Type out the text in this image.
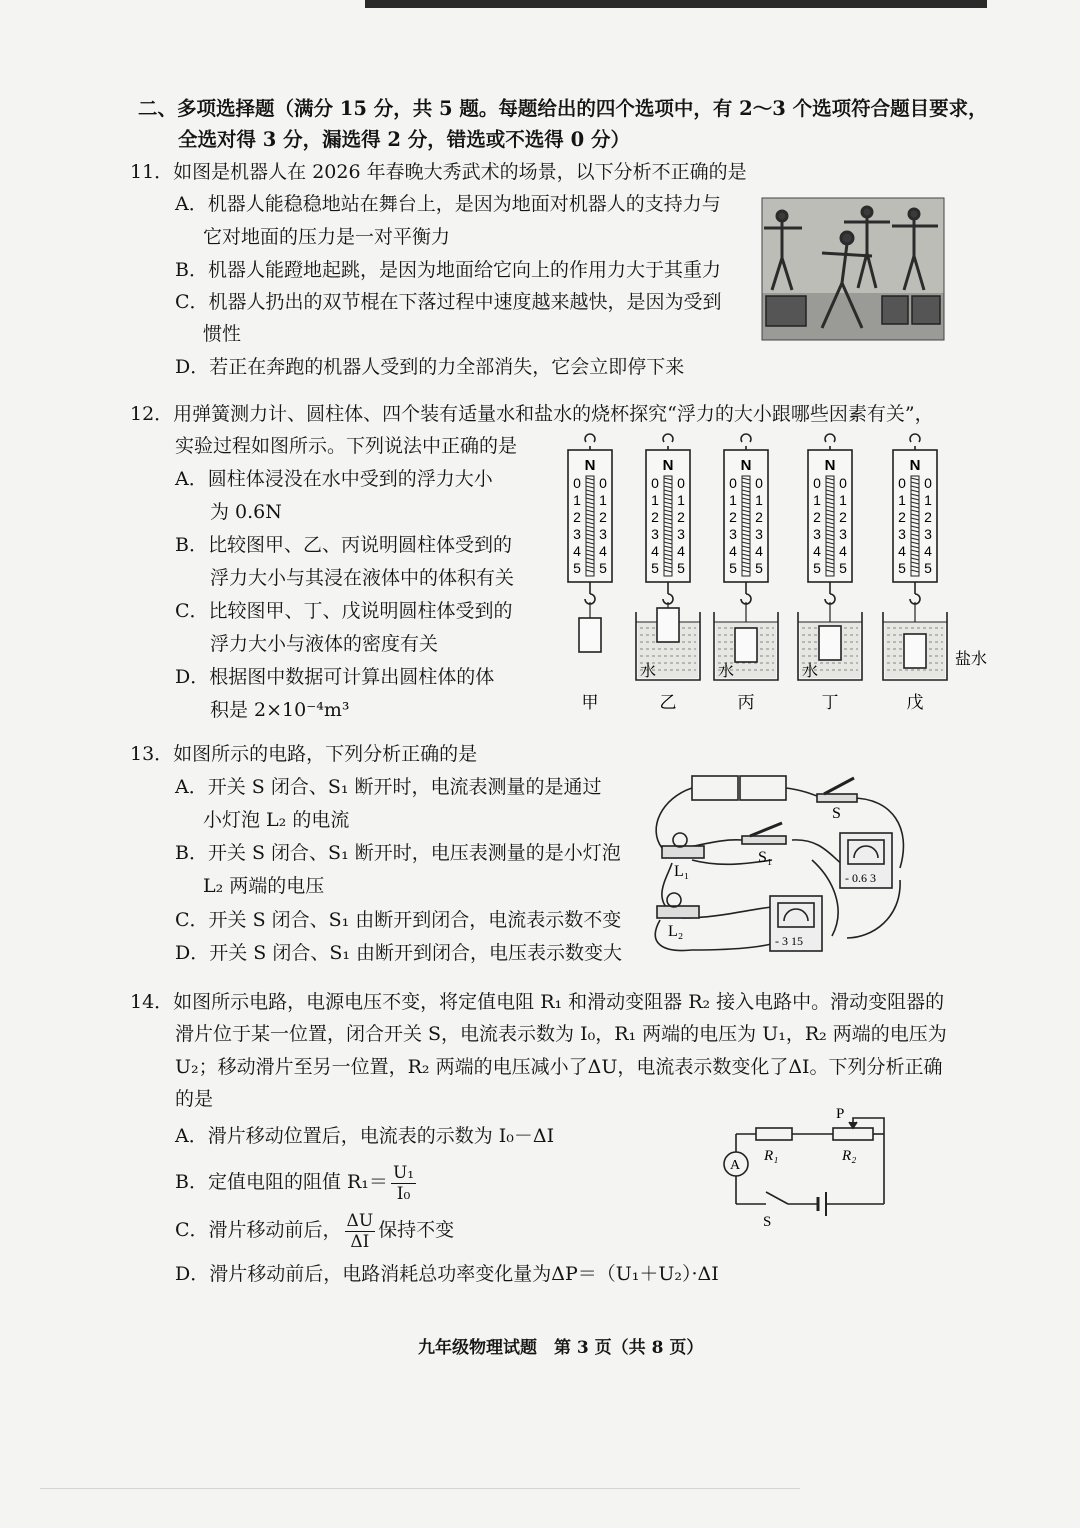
二、多项选择题（满分 15 分，共 5 题。每题给出的四个选项中，有 2～3 个选项符合题目要求，
全选对得 3 分，漏选得 2 分，错选或不选得 0 分）
11．如图是机器人在 2026 年春晚大秀武术的场景，以下分析不正确的是
A．机器人能稳稳地站在舞台上，是因为地面对机器人的支持力与
它对地面的压力是一对平衡力
B．机器人能蹬地起跳，是因为地面给它向上的作用力大于其重力
C．机器人扔出的双节棍在下落过程中速度越来越快，是因为受到
惯性
D．若正在奔跑的机器人受到的力全部消失，它会立即停下来
12．用弹簧测力计、圆柱体、四个装有适量水和盐水的烧杯探究“浮力的大小跟哪些因素有关”，
实验过程如图所示。下列说法中正确的是
A．圆柱体浸没在水中受到的浮力大小
为 0.6N
B．比较图甲、乙、丙说明圆柱体受到的
浮力大小与其浸在液体中的体积有关
C．比较图甲、丁、戊说明圆柱体受到的
浮力大小与液体的密度有关
D．根据图中数据可计算出圆柱体的体
积是 2×10⁻⁴m³
N
0 0
1 1
2 2
3 3
4 4
5 5
甲
N
0 0
1 1
2 2
3 3
4 4
5 5
水
乙
N
0 0
1 1
2 2
3 3
4 4
5 5
水
丙
N
0 0
1 1
2 2
3 3
4 4
5 5
水
丁
N
0 0
1 1
2 2
3 3
4 4
5 5
盐水
戊
13．如图所示的电路，下列分析正确的是
A．开关 S 闭合、S₁ 断开时，电流表测量的是通过
小灯泡 L₂ 的电流
B．开关 S 闭合、S₁ 断开时，电压表测量的是小灯泡
L₂ 两端的电压
C．开关 S 闭合、S₁ 由断开到闭合，电流表示数不变
D．开关 S 闭合、S₁ 由断开到闭合，电压表示数变大
S
S₁
L₁
L₂
- 0.6 3
- 3 15
14．如图所示电路，电源电压不变，将定值电阻 R₁ 和滑动变阻器 R₂ 接入电路中。滑动变阻器的
滑片位于某一位置，闭合开关 S，电流表示数为 I₀，R₁ 两端的电压为 U₁，R₂ 两端的电压为
U₂；移动滑片至另一位置，R₂ 两端的电压减小了ΔU，电流表示数变化了ΔI。下列分析正确
的是
A．滑片移动位置后，电流表的示数为 I₀－ΔI
B．定值电阻的阻值 $R_1= \frac{\text{U₁}}{\text{I₀}}$
C．滑片移动前后， $\frac{\Delta U}{\Delta I}$ 保持不变
D．滑片移动前后，电路消耗总功率变化量为ΔP＝（U₁＋U₂）·ΔI
P
R₁	R₂
A
S
九年级物理试题　第 3 页（共 8 页）
